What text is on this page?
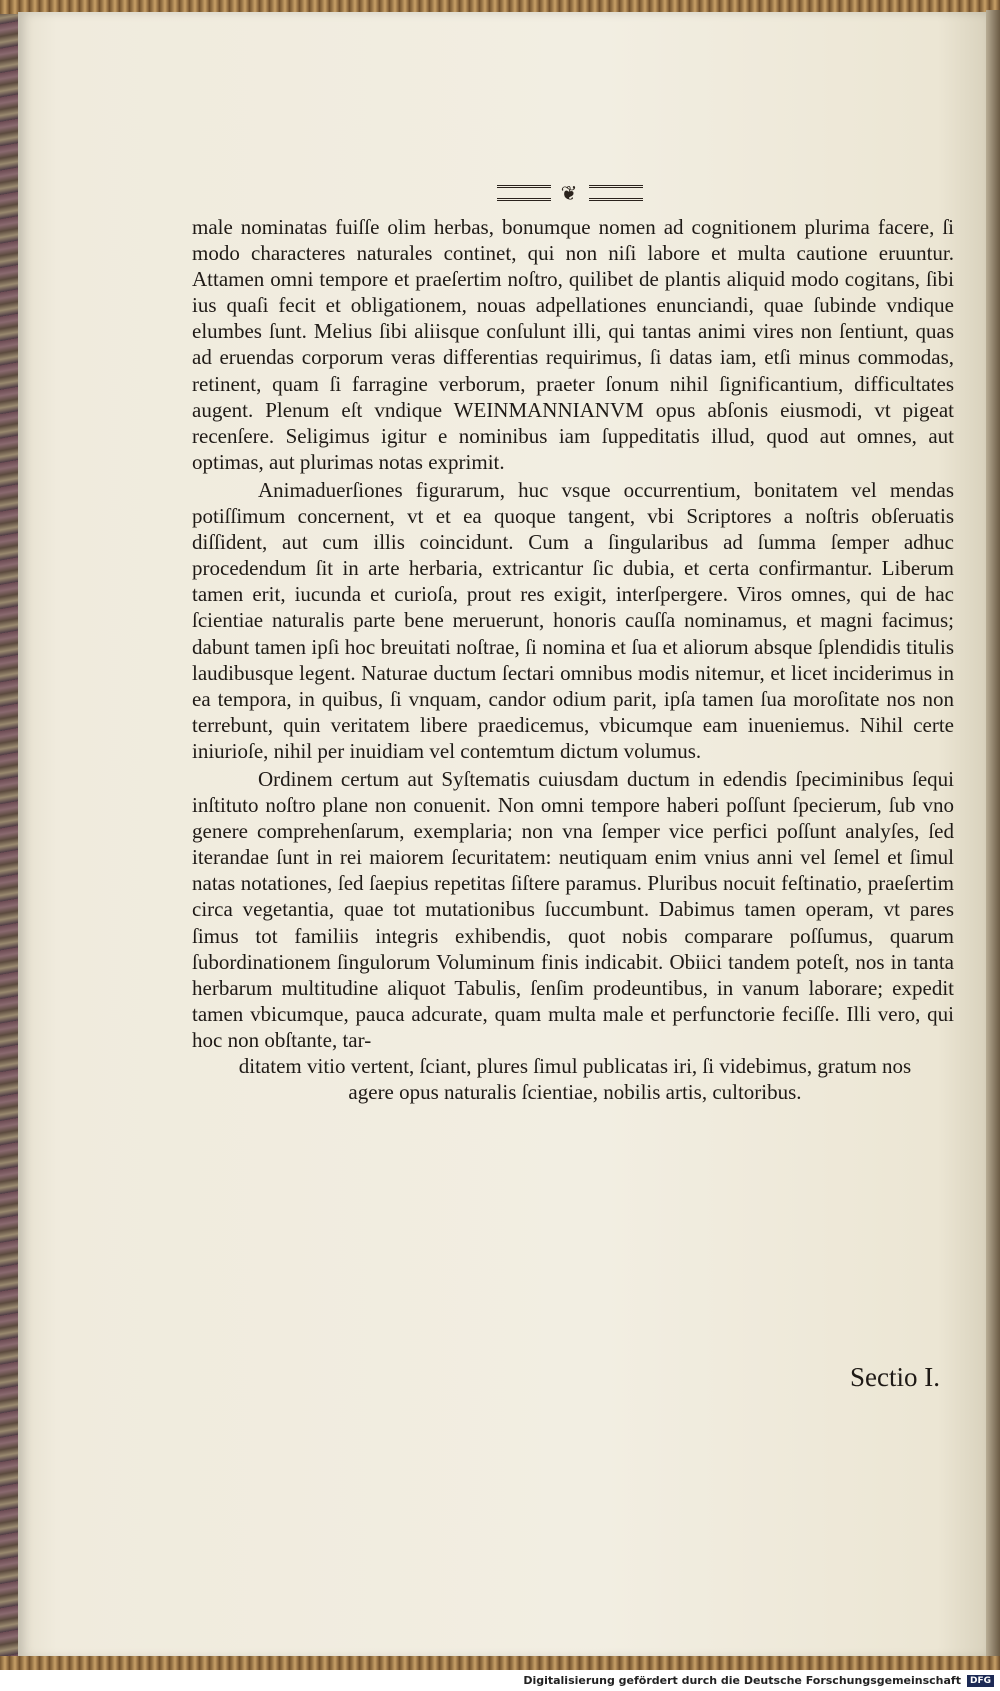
❦

male nominatas fuiſſe olim herbas, bonumque nomen ad cognitionem plurima facere, ſi modo characteres naturales continet, qui non niſi labore et multa cautione eruuntur. Attamen omni tempore et praeſertim noſtro, quilibet de plantis aliquid modo cogitans, ſibi ius quaſi fecit et obligationem, nouas adpellationes enunciandi, quae ſubinde vndique elumbes ſunt. Melius ſibi aliisque conſulunt illi, qui tantas animi vires non ſentiunt, quas ad eruendas corporum veras differentias requirimus, ſi datas iam, etſi minus commodas, retinent, quam ſi farragine verborum, praeter ſonum nihil ſignificantium, difficultates augent. Plenum eſt vndique WEINMANNIANVM opus abſonis eiusmodi, vt pigeat recenſere. Seligimus igitur e nominibus iam ſuppeditatis illud, quod aut omnes, aut optimas, aut plurimas notas exprimit.

Animaduerſiones figurarum, huc vsque occurrentium, bonitatem vel mendas potiſſimum concernent, vt et ea quoque tangent, vbi Scriptores a noſtris obſeruatis diſſident, aut cum illis coincidunt. Cum a ſingularibus ad ſumma ſemper adhuc procedendum ſit in arte herbaria, extricantur ſic dubia, et certa confirmantur. Liberum tamen erit, iucunda et curioſa, prout res exigit, interſpergere. Viros omnes, qui de hac ſcientiae naturalis parte bene meruerunt, honoris cauſſa nominamus, et magni facimus; dabunt tamen ipſi hoc breuitati noſtrae, ſi nomina et ſua et aliorum absque ſplendidis titulis laudibusque legent. Naturae ductum ſectari omnibus modis nitemur, et licet inciderimus in ea tempora, in quibus, ſi vnquam, candor odium parit, ipſa tamen ſua moroſitate nos non terrebunt, quin veritatem libere praedicemus, vbicumque eam inueniemus. Nihil certe iniurioſe, nihil per inuidiam vel contemtum dictum volumus.

Ordinem certum aut Syſtematis cuiusdam ductum in edendis ſpeciminibus ſequi inſtituto noſtro plane non conuenit. Non omni tempore haberi poſſunt ſpecierum, ſub vno genere comprehenſarum, exemplaria; non vna ſemper vice perfici poſſunt analyſes, ſed iterandae ſunt in rei maiorem ſecuritatem: neutiquam enim vnius anni vel ſemel et ſimul natas notationes, ſed ſaepius repetitas ſiſtere paramus. Pluribus nocuit feſtinatio, praeſertim circa vegetantia, quae tot mutationibus ſuccumbunt. Dabimus tamen operam, vt pares ſimus tot familiis integris exhibendis, quot nobis comparare poſſumus, quarum ſubordinationem ſingulorum Voluminum finis indicabit. Obiici tandem poteſt, nos in tanta herbarum multitudine aliquot Tabulis, ſenſim prodeuntibus, in vanum laborare; expedit tamen vbicumque, pauca adcurate, quam multa male et perfunctorie feciſſe. Illi vero, qui hoc non obſtante, tar-

ditatem vitio vertent, ſciant, plures ſimul publicatas iri, ſi videbimus, gratum nos agere opus naturalis ſcientiae, nobilis artis, cultoribus.

Sectio I.
Digitalisierung gefördert durch die Deutsche Forschungsgemeinschaft	DFG
